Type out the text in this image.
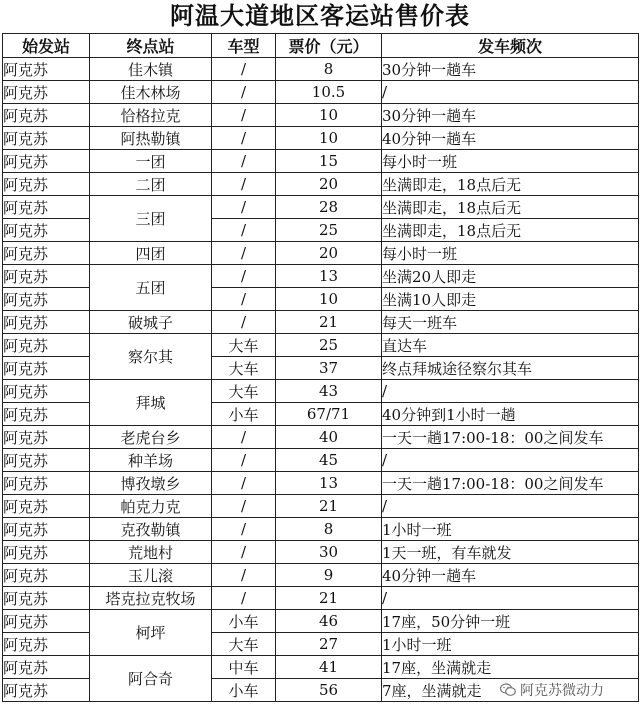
阿温大道地区客运站售价表
始发站	终点站	车型	票价（元）	发车频次
阿克苏	佳木镇	/	8	30分钟一趟车
阿克苏	佳木林场	/	10.5	/
阿克苏	恰格拉克	/	10	30分钟一趟车
阿克苏	阿热勒镇	/	10	40分钟一趟车
阿克苏	一团	/	15	每小时一班
阿克苏	二团	/	20	坐满即走，18点后无
阿克苏	三团	/	28	坐满即走，18点后无
阿克苏		/	25	坐满即走，18点后无
阿克苏	四团	/	20	每小时一班
阿克苏	五团	/	13	坐满20人即走
阿克苏		/	10	坐满10人即走
阿克苏	破城子	/	21	每天一班车
阿克苏	察尔其	大车	25	直达车
阿克苏		大车	37	终点拜城途径察尔其车
阿克苏	拜城	大车	43	/
阿克苏		小车	67/71	40分钟到1小时一趟
阿克苏	老虎台乡	/	40	一天一趟17:00-18：00之间发车
阿克苏	种羊场	/	45	/
阿克苏	博孜墩乡	/	13	一天一趟17:00-18：00之间发车
阿克苏	帕克力克	/	21	/
阿克苏	克孜勒镇	/	8	1小时一班
阿克苏	荒地村	/	30	1天一班，有车就发
阿克苏	玉儿滚	/	9	40分钟一趟车
阿克苏	塔克拉克牧场	/	21	/
阿克苏	柯坪	小车	46	17座，50分钟一班
阿克苏		大车	27	1小时一班
阿克苏	阿合奇	中车	41	17座，坐满就走
阿克苏		小车	56	7座，坐满就走	阿克苏微动力
